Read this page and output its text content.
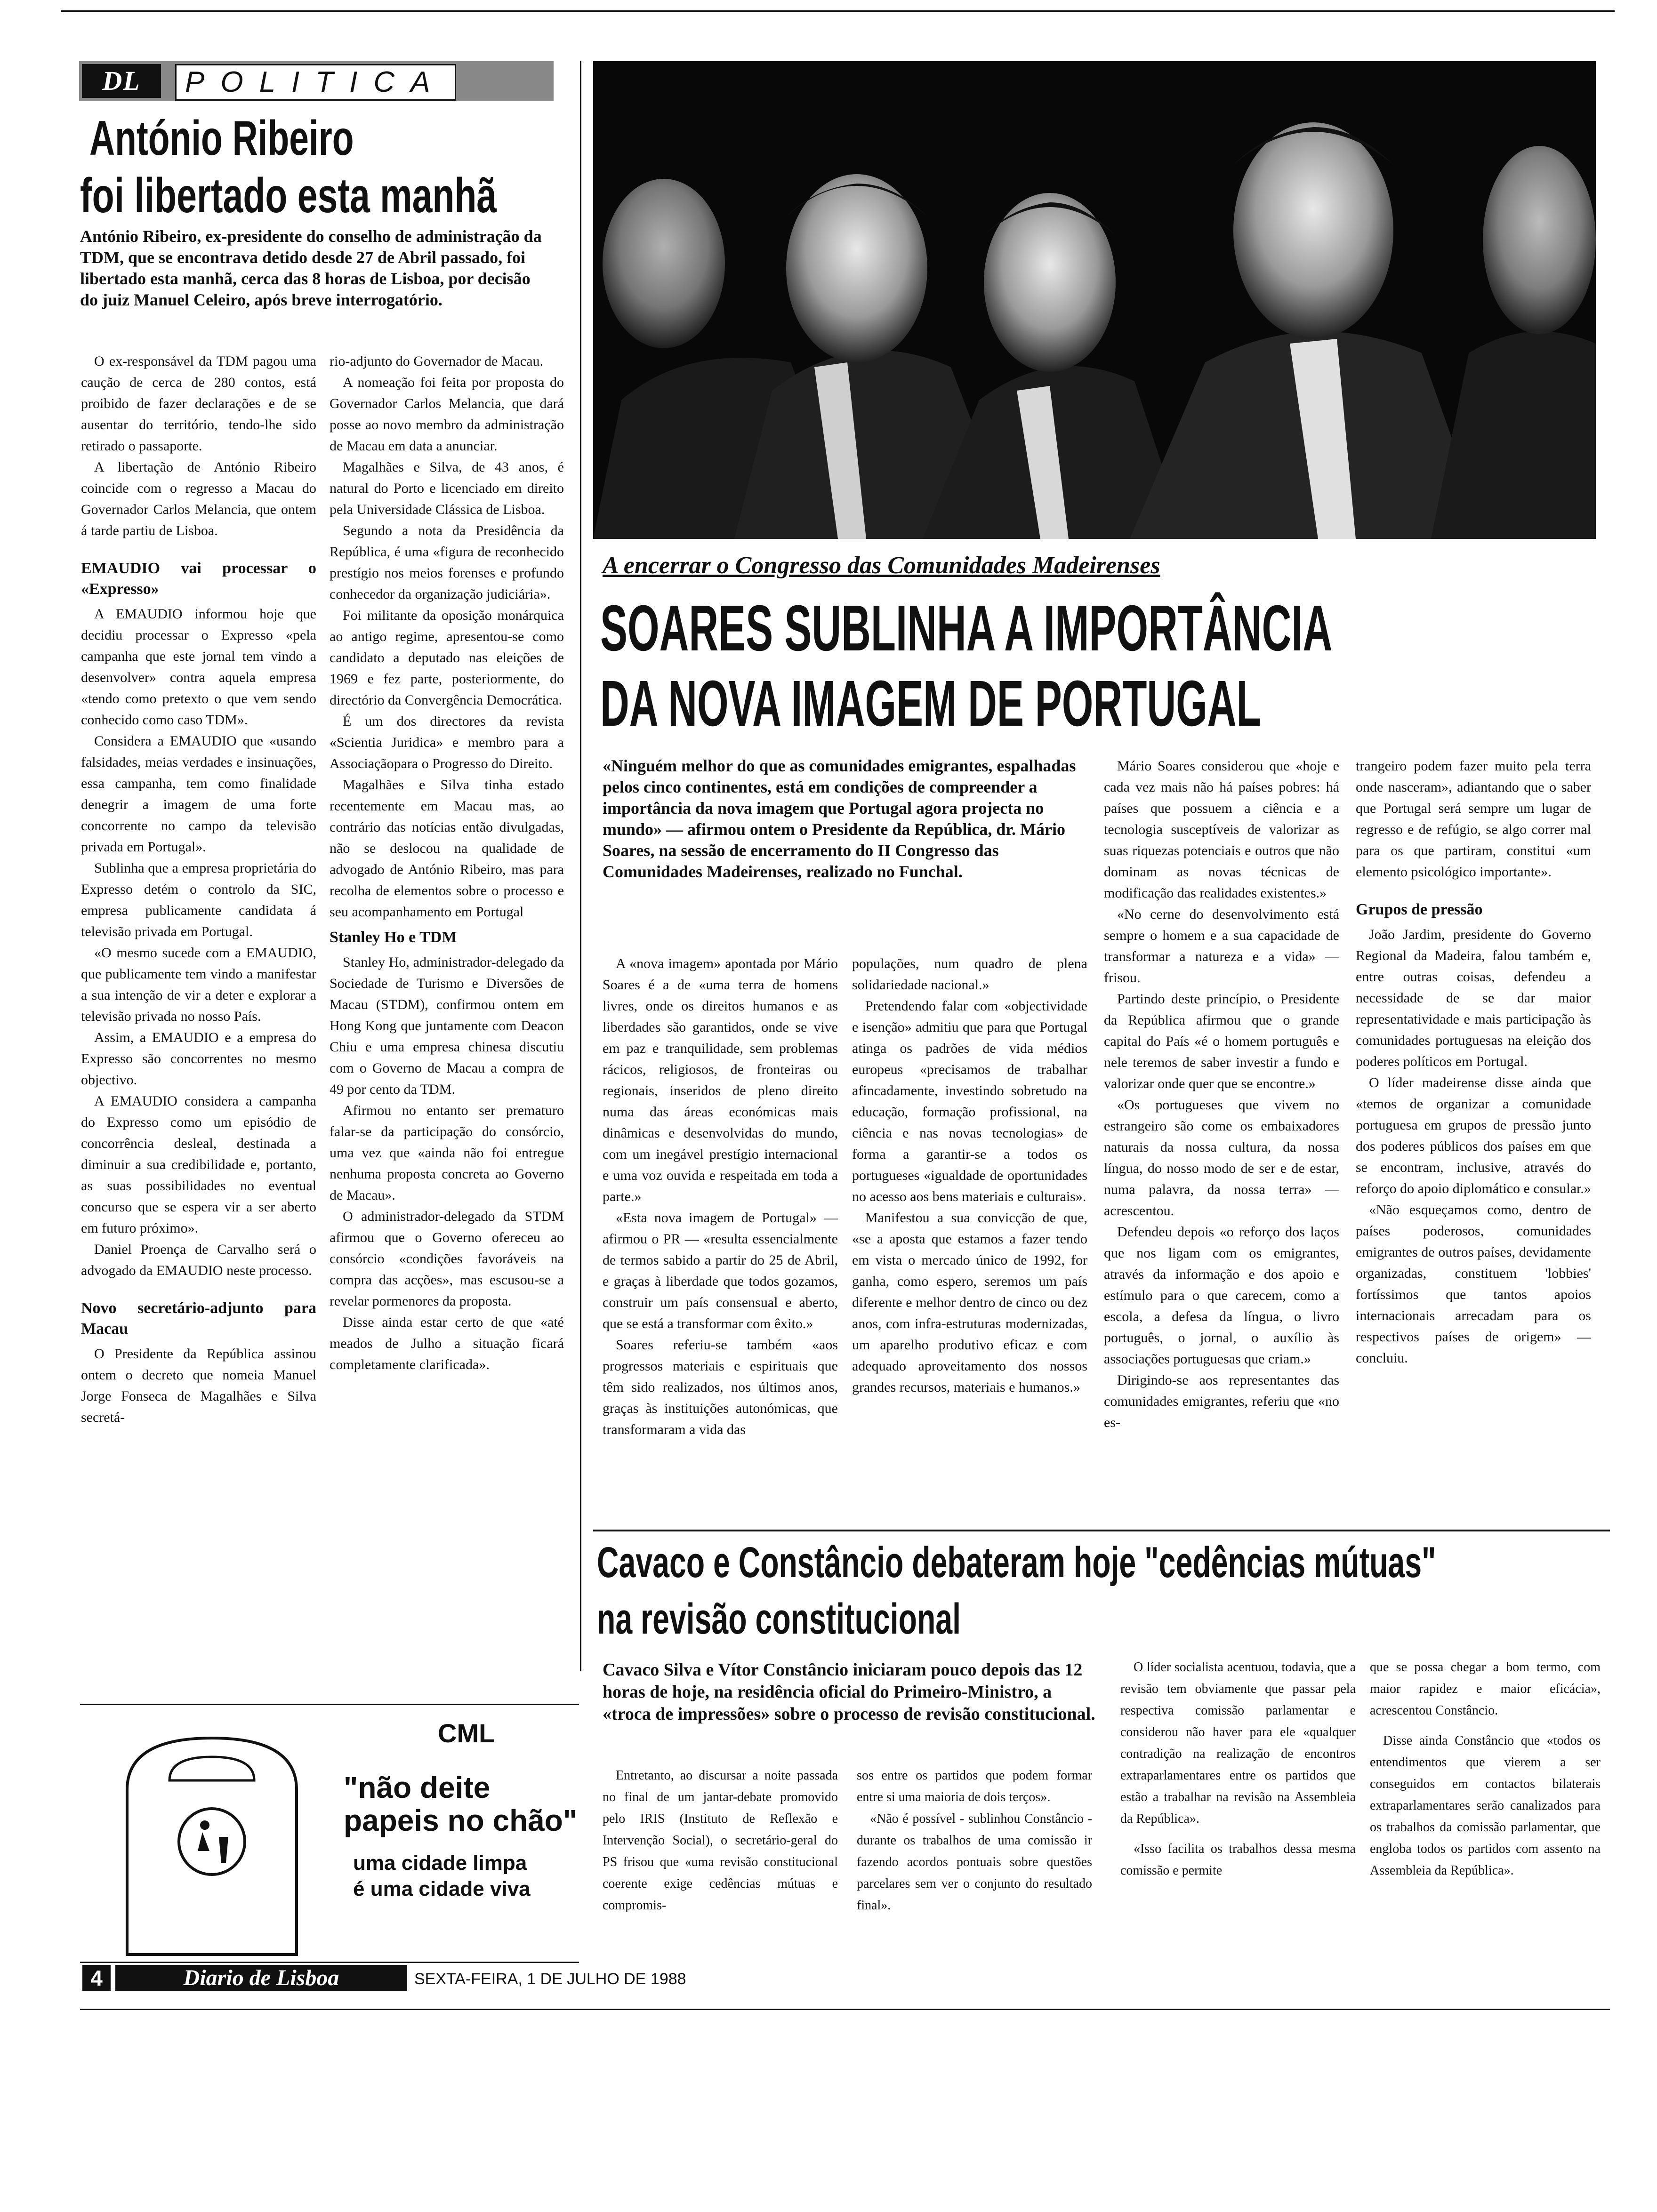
DL	POLITICA
António Ribeiro
foi libertado esta manhã
António Ribeiro, ex-presidente do conselho de administração da TDM, que se encontrava detido desde 27 de Abril passado, foi libertado esta manhã, cerca das 8 horas de Lisboa, por decisão do juiz Manuel Celeiro, após breve interrogatório.

O ex-responsável da TDM pagou uma caução de cerca de 280 contos, está proibido de fazer declarações e de se ausentar do território, tendo-lhe sido retirado o passaporte.

A libertação de António Ribeiro coincide com o regresso a Macau do Governador Carlos Melancia, que ontem á tarde partiu de Lisboa.

EMAUDIO vai processar o «Expresso»

A EMAUDIO informou hoje que decidiu processar o Expresso «pela campanha que este jornal tem vindo a desenvolver» contra aquela empresa «tendo como pretexto o que vem sendo conhecido como caso TDM».

Considera a EMAUDIO que «usando falsidades, meias verdades e insinuações, essa campanha, tem como finalidade denegrir a imagem de uma forte concorrente no campo da televisão privada em Portugal».

Sublinha que a empresa proprietária do Expresso detém o controlo da SIC, empresa publicamente candidata á televisão privada em Portugal.

«O mesmo sucede com a EMAUDIO, que publicamente tem vindo a manifestar a sua intenção de vir a deter e explorar a televisão privada no nosso País.

Assim, a EMAUDIO e a empresa do Expresso são concorrentes no mesmo objectivo.

A EMAUDIO considera a campanha do Expresso como um episódio de concorrência desleal, destinada a diminuir a sua credibilidade e, portanto, as suas possibilidades no eventual concurso que se espera vir a ser aberto em futuro próximo».

Daniel Proença de Carvalho será o advogado da EMAUDIO neste processo.

Novo secretário-adjunto para Macau

O Presidente da República assinou ontem o decreto que nomeia Manuel Jorge Fonseca de Magalhães e Silva secretá-

rio-adjunto do Governador de Macau.

A nomeação foi feita por proposta do Governador Carlos Melancia, que dará posse ao novo membro da administração de Macau em data a anunciar.

Magalhães e Silva, de 43 anos, é natural do Porto e licenciado em direito pela Universidade Clássica de Lisboa.

Segundo a nota da Presidência da República, é uma «figura de reconhecido prestígio nos meios forenses e profundo conhecedor da organização judiciária».

Foi militante da oposição monárquica ao antigo regime, apresentou-se como candidato a deputado nas eleições de 1969 e fez parte, posteriormente, do directório da Convergência Democrática.

É um dos directores da revista «Scientia Juridica» e membro para a Associaçãopara o Progresso do Direito.

Magalhães e Silva tinha estado recentemente em Macau mas, ao contrário das notícias então divulgadas, não se deslocou na qualidade de advogado de António Ribeiro, mas para recolha de elementos sobre o processo e seu acompanhamento em Portugal

Stanley Ho e TDM

Stanley Ho, administrador-delegado da Sociedade de Turismo e Diversões de Macau (STDM), confirmou ontem em Hong Kong que juntamente com Deacon Chiu e uma empresa chinesa discutiu com o Governo de Macau a compra de 49 por cento da TDM.

Afirmou no entanto ser prematuro falar-se da participação do consórcio, uma vez que «ainda não foi entregue nenhuma proposta concreta ao Governo de Macau».

O administrador-delegado da STDM afirmou que o Governo ofereceu ao consórcio «condições favoráveis na compra das acções», mas escusou-se a revelar pormenores da proposta.

Disse ainda estar certo de que «até meados de Julho a situação ficará completamente clarificada».

A encerrar o Congresso das Comunidades Madeirenses
SOARES SUBLINHA A IMPORTÂNCIA
DA NOVA IMAGEM DE PORTUGAL
«Ninguém melhor do que as comunidades emigrantes, espalhadas pelos cinco continentes, está em condições de compreender a importância da nova imagem que Portugal agora projecta no mundo» — afirmou ontem o Presidente da República, dr. Mário Soares, na sessão de encerramento do II Congresso das Comunidades Madeirenses, realizado no Funchal.

A «nova imagem» apontada por Mário Soares é a de «uma terra de homens livres, onde os direitos humanos e as liberdades são garantidos, onde se vive em paz e tranquilidade, sem problemas rácicos, religiosos, de fronteiras ou regionais, inseridos de pleno direito numa das áreas económicas mais dinâmicas e desenvolvidas do mundo, com um inegável prestígio internacional e uma voz ouvida e respeitada em toda a parte.»

«Esta nova imagem de Portugal» — afirmou o PR — «resulta essencialmente de termos sabido a partir do 25 de Abril, e graças à liberdade que todos gozamos, construir um país consensual e aberto, que se está a transformar com êxito.»

Soares referiu-se também «aos progressos materiais e espirituais que têm sido realizados, nos últimos anos, graças às instituições autonómicas, que transformaram a vida das

populações, num quadro de plena solidariedade nacional.»

Pretendendo falar com «objectividade e isenção» admitiu que para que Portugal atinga os padrões de vida médios europeus «precisamos de trabalhar afincadamente, investindo sobretudo na educação, formação profissional, na ciência e nas novas tecnologias» de forma a garantir-se a todos os portugueses «igualdade de oportunidades no acesso aos bens materiais e culturais».

Manifestou a sua convicção de que, «se a aposta que estamos a fazer tendo em vista o mercado único de 1992, for ganha, como espero, seremos um país diferente e melhor dentro de cinco ou dez anos, com infra-estruturas modernizadas, um aparelho produtivo eficaz e com adequado aproveitamento dos nossos grandes recursos, materiais e humanos.»

Mário Soares considerou que «hoje e cada vez mais não há países pobres: há países que possuem a ciência e a tecnologia susceptíveis de valorizar as suas riquezas potenciais e outros que não dominam as novas técnicas de modificação das realidades existentes.»

«No cerne do desenvolvimento está sempre o homem e a sua capacidade de transformar a natureza e a vida» — frisou.

Partindo deste princípio, o Presidente da República afirmou que o grande capital do País «é o homem português e nele teremos de saber investir a fundo e valorizar onde quer que se encontre.»

«Os portugueses que vivem no estrangeiro são come os embaixadores naturais da nossa cultura, da nossa língua, do nosso modo de ser e de estar, numa palavra, da nossa terra» — acrescentou.

Defendeu depois «o reforço dos laços que nos ligam com os emigrantes, através da informação e dos apoio e estímulo para o que carecem, como a escola, a defesa da língua, o livro português, o jornal, o auxílio às associações portuguesas que criam.»

Dirigindo-se aos representantes das comunidades emigrantes, referiu que «no es-

trangeiro podem fazer muito pela terra onde nasceram», adiantando que o saber que Portugal será sempre um lugar de regresso e de refúgio, se algo correr mal para os que partiram, constitui «um elemento psicológico importante».

Grupos de pressão

João Jardim, presidente do Governo Regional da Madeira, falou também e, entre outras coisas, defendeu a necessidade de se dar maior representatividade e mais participação às comunidades portuguesas na eleição dos poderes políticos em Portugal.

O líder madeirense disse ainda que «temos de organizar a comunidade portuguesa em grupos de pressão junto dos poderes públicos dos países em que se encontram, inclusive, através do reforço do apoio diplomático e consular.»

«Não esqueçamos como, dentro de países poderosos, comunidades emigrantes de outros países, devidamente organizadas, constituem 'lobbies' fortíssimos que tantos apoios internacionais arrecadam para os respectivos países de origem» — concluiu.

Cavaco e Constâncio debateram hoje "cedências mútuas"
na revisão constitucional
Cavaco Silva e Vítor Constâncio iniciaram pouco depois das 12 horas de hoje, na residência oficial do Primeiro-Ministro, a «troca de impressões» sobre o processo de revisão constitucional.

Entretanto, ao discursar a noite passada no final de um jantar-debate promovido pelo IRIS (Instituto de Reflexão e Intervenção Social), o secretário-geral do PS frisou que «uma revisão constitucional coerente exige cedências mútuas e compromis-

sos entre os partidos que podem formar entre si uma maioria de dois terços».

«Não é possível - sublinhou Constâncio - durante os trabalhos de uma comissão ir fazendo acordos pontuais sobre questões parcelares sem ver o conjunto do resultado final».

O líder socialista acentuou, todavia, que a revisão tem obviamente que passar pela respectiva comissão parlamentar e considerou não haver para ele «qualquer contradição na realização de encontros extraparlamentares entre os partidos que estão a trabalhar na revisão na Assembleia da República».

«Isso facilita os trabalhos dessa mesma comissão e permite

que se possa chegar a bom termo, com maior rapidez e maior eficácia», acrescentou Constâncio.

Disse ainda Constâncio que «todos os entendimentos que vierem a ser conseguidos em contactos bilaterais extraparlamentares serão canalizados para os trabalhos da comissão parlamentar, que engloba todos os partidos com assento na Assembleia da República».

CML
"não deite
papeis no chão"
uma cidade limpa
é uma cidade viva
4	Diario de Lisboa	SEXTA-FEIRA, 1 DE JULHO DE 1988
